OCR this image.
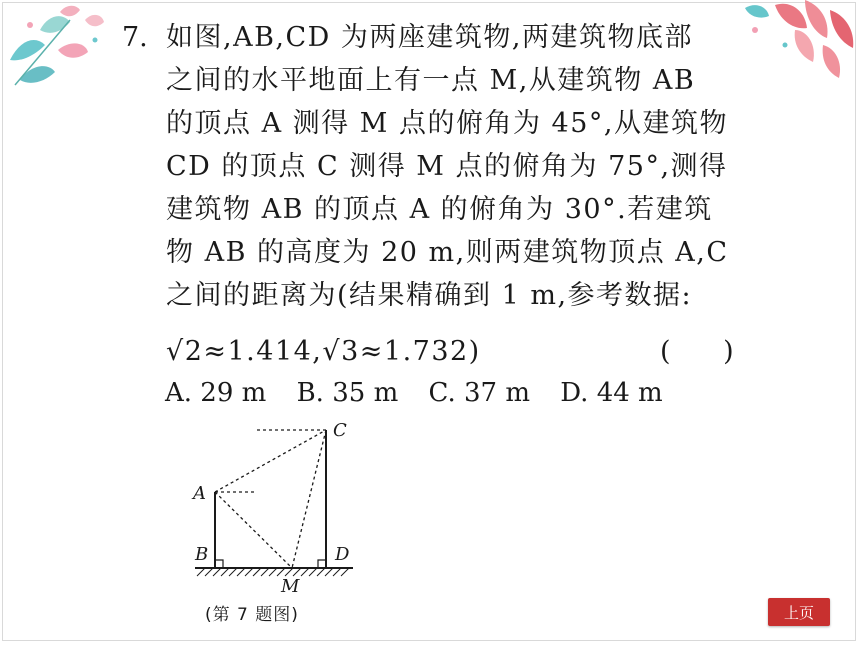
7. 如图,AB,CD 为两座建筑物,两建筑物底部
之间的水平地面上有一点 M,从建筑物 AB
的顶点 A 测得 M 点的俯角为 45°,从建筑物
CD 的顶点 C 测得 M 点的俯角为 75°,测得
建筑物 AB 的顶点 A 的俯角为 30°.若建筑
物 AB 的高度为 20 m,则两建筑物顶点 A,C
之间的距离为(结果精确到 1 m,参考数据:
√2≈1.414,√3≈1.732)	( )
A. 29 m B. 35 m C. 37 m D. 44 m
C
A
B	D
M
(第 7 题图)	上页
